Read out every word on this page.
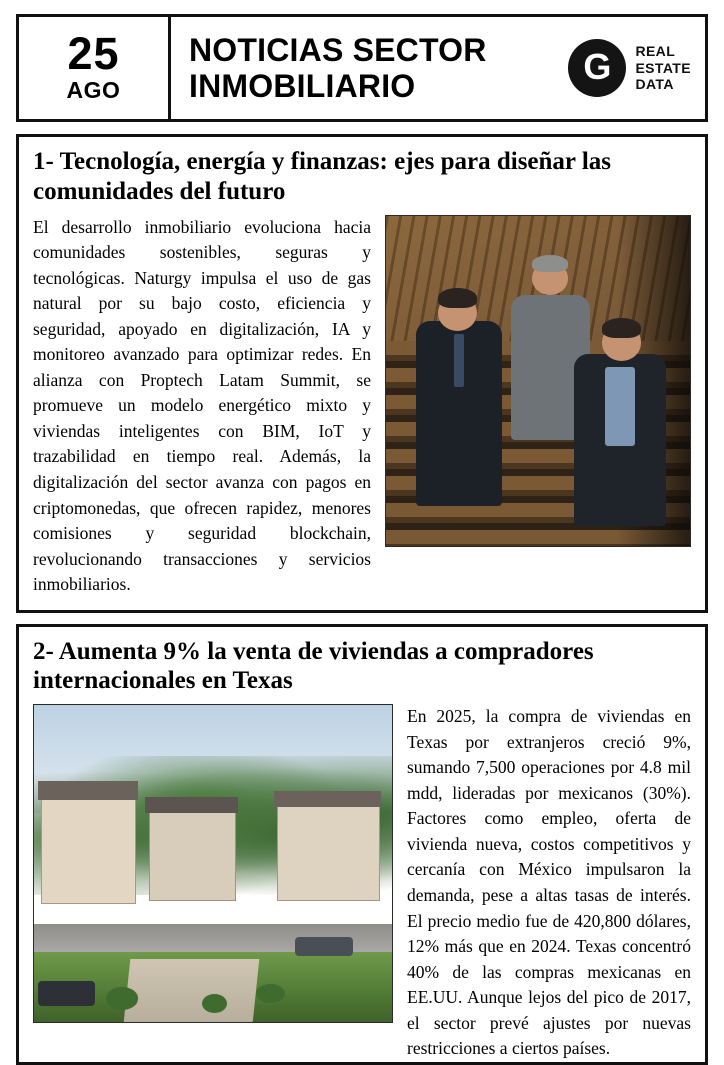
25
AGO
NOTICIAS SECTOR
INMOBILIARIO	G REAL
ESTATE
DATA
1- Tecnología, energía y finanzas: ejes para diseñar las comunidades del futuro

El desarrollo inmobiliario evoluciona hacia comunidades sostenibles, seguras y tecnológicas. Naturgy impulsa el uso de gas natural por su bajo costo, eficiencia y seguridad, apoyado en digitalización, IA y monitoreo avanzado para optimizar redes. En alianza con Proptech Latam Summit, se promueve un modelo energético mixto y viviendas inteligentes con BIM, IoT y trazabilidad en tiempo real. Además, la digitalización del sector avanza con pagos en criptomonedas, que ofrecen rapidez, menores comisiones y seguridad blockchain, revolucionando transacciones y servicios inmobiliarios.

2- Aumenta 9% la venta de viviendas a compradores internacionales en Texas

En 2025, la compra de viviendas en Texas por extranjeros creció 9%, sumando 7,500 operaciones por 4.8 mil mdd, lideradas por mexicanos (30%). Factores como empleo, oferta de vivienda nueva, costos competitivos y cercanía con México impulsaron la demanda, pese a altas tasas de interés. El precio medio fue de 420,800 dólares, 12% más que en 2024. Texas concentró 40% de las compras mexicanas en EE.UU. Aunque lejos del pico de 2017, el sector prevé ajustes por nuevas restricciones a ciertos países.
